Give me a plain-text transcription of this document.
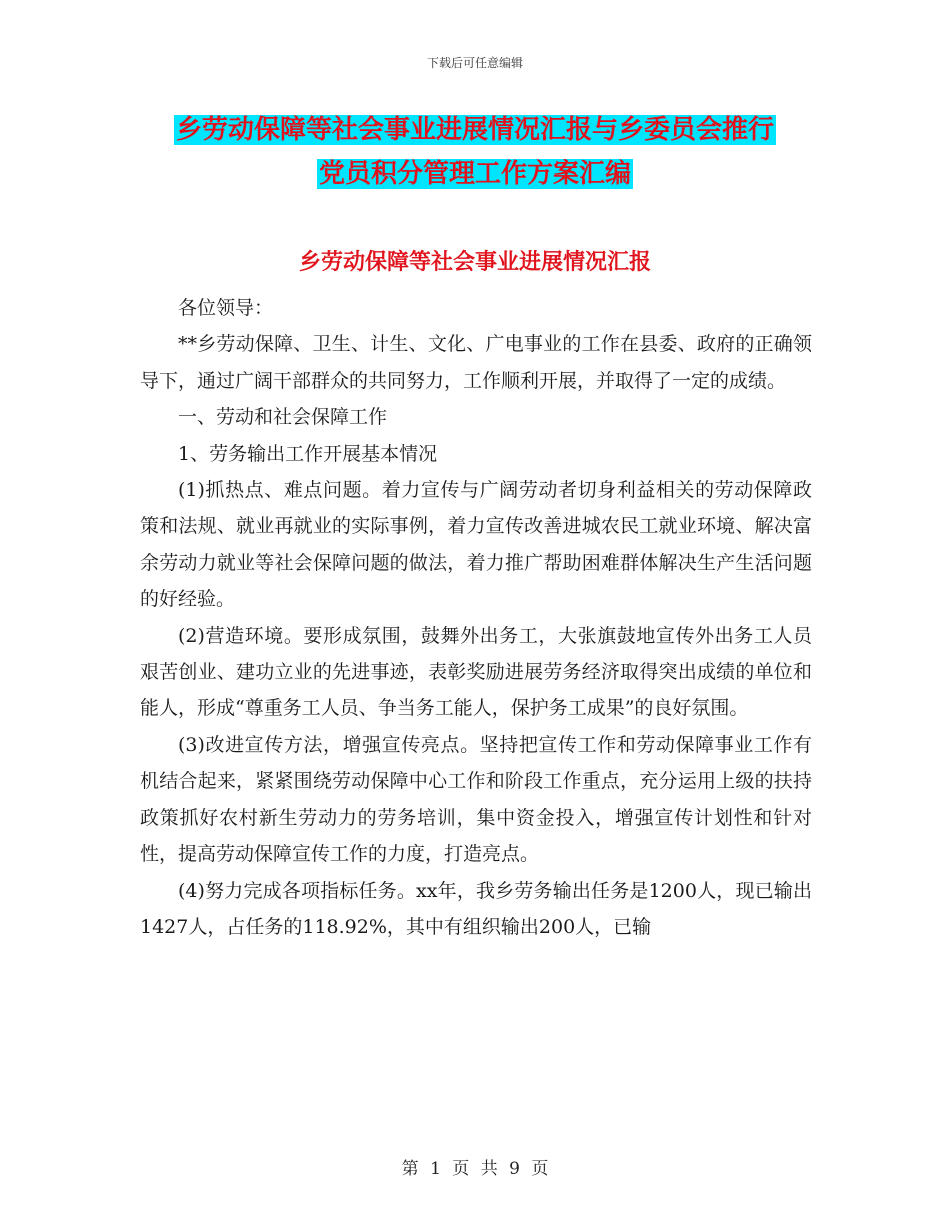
下载后可任意编辑
乡劳动保障等社会事业进展情况汇报与乡委员会推行
党员积分管理工作方案汇编
乡劳动保障等社会事业进展情况汇报

各位领导：

**乡劳动保障、卫生、计生、文化、广电事业的工作在县委、政府的正确领导下，通过广阔干部群众的共同努力，工作顺利开展，并取得了一定的成绩。

一、劳动和社会保障工作

1、劳务输出工作开展基本情况

(1)抓热点、难点问题。着力宣传与广阔劳动者切身利益相关的劳动保障政策和法规、就业再就业的实际事例，着力宣传改善进城农民工就业环境、解决富余劳动力就业等社会保障问题的做法，着力推广帮助困难群体解决生产生活问题的好经验。

(2)营造环境。要形成氛围，鼓舞外出务工，大张旗鼓地宣传外出务工人员艰苦创业、建功立业的先进事迹，表彰奖励进展劳务经济取得突出成绩的单位和能人，形成“尊重务工人员、争当务工能人，保护务工成果”的良好氛围。

(3)改进宣传方法，增强宣传亮点。坚持把宣传工作和劳动保障事业工作有机结合起来，紧紧围绕劳动保障中心工作和阶段工作重点，充分运用上级的扶持政策抓好农村新生劳动力的劳务培训，集中资金投入，增强宣传计划性和针对性，提高劳动保障宣传工作的力度，打造亮点。

(4)努力完成各项指标任务。xx年，我乡劳务输出任务是1200人，现已输出1427人，占任务的118.92%，其中有组织输出200人，已输

第 1 页 共 9 页
